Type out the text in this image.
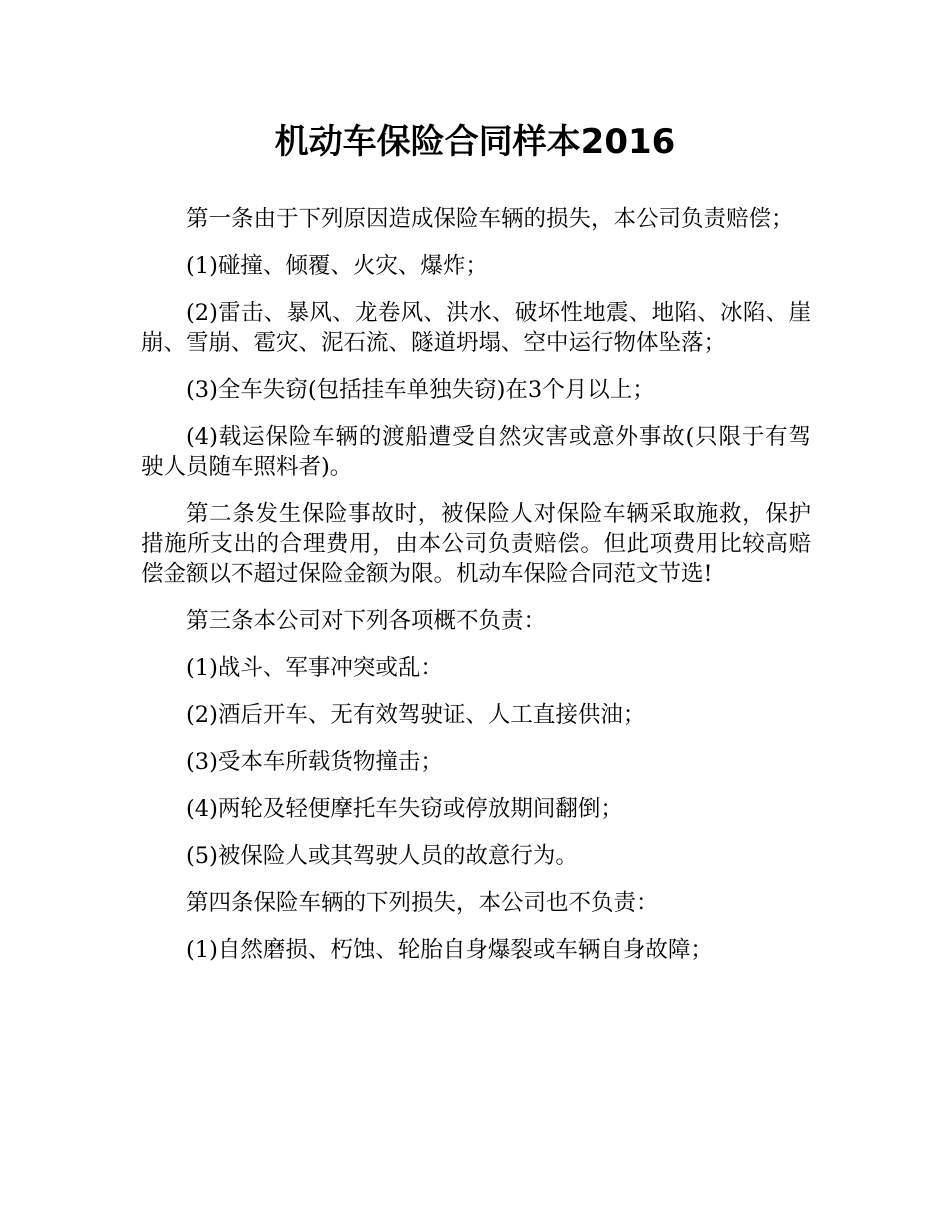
机动车保险合同样本2016

第一条由于下列原因造成保险车辆的损失，本公司负责赔偿；

(1)碰撞、倾覆、火灾、爆炸；

(2)雷击、暴风、龙卷风、洪水、破坏性地震、地陷、冰陷、崖崩、雪崩、雹灾、泥石流、隧道坍塌、空中运行物体坠落；

(3)全车失窃(包括挂车单独失窃)在3个月以上；

(4)载运保险车辆的渡船遭受自然灾害或意外事故(只限于有驾驶人员随车照料者)。

第二条发生保险事故时，被保险人对保险车辆采取施救，保护措施所支出的合理费用，由本公司负责赔偿。但此项费用比较高赔偿金额以不超过保险金额为限。机动车保险合同范文节选!

第三条本公司对下列各项概不负责：

(1)战斗、军事冲突或乱：

(2)酒后开车、无有效驾驶证、人工直接供油；

(3)受本车所载货物撞击；

(4)两轮及轻便摩托车失窃或停放期间翻倒；

(5)被保险人或其驾驶人员的故意行为。

第四条保险车辆的下列损失，本公司也不负责：

(1)自然磨损、朽蚀、轮胎自身爆裂或车辆自身故障；
